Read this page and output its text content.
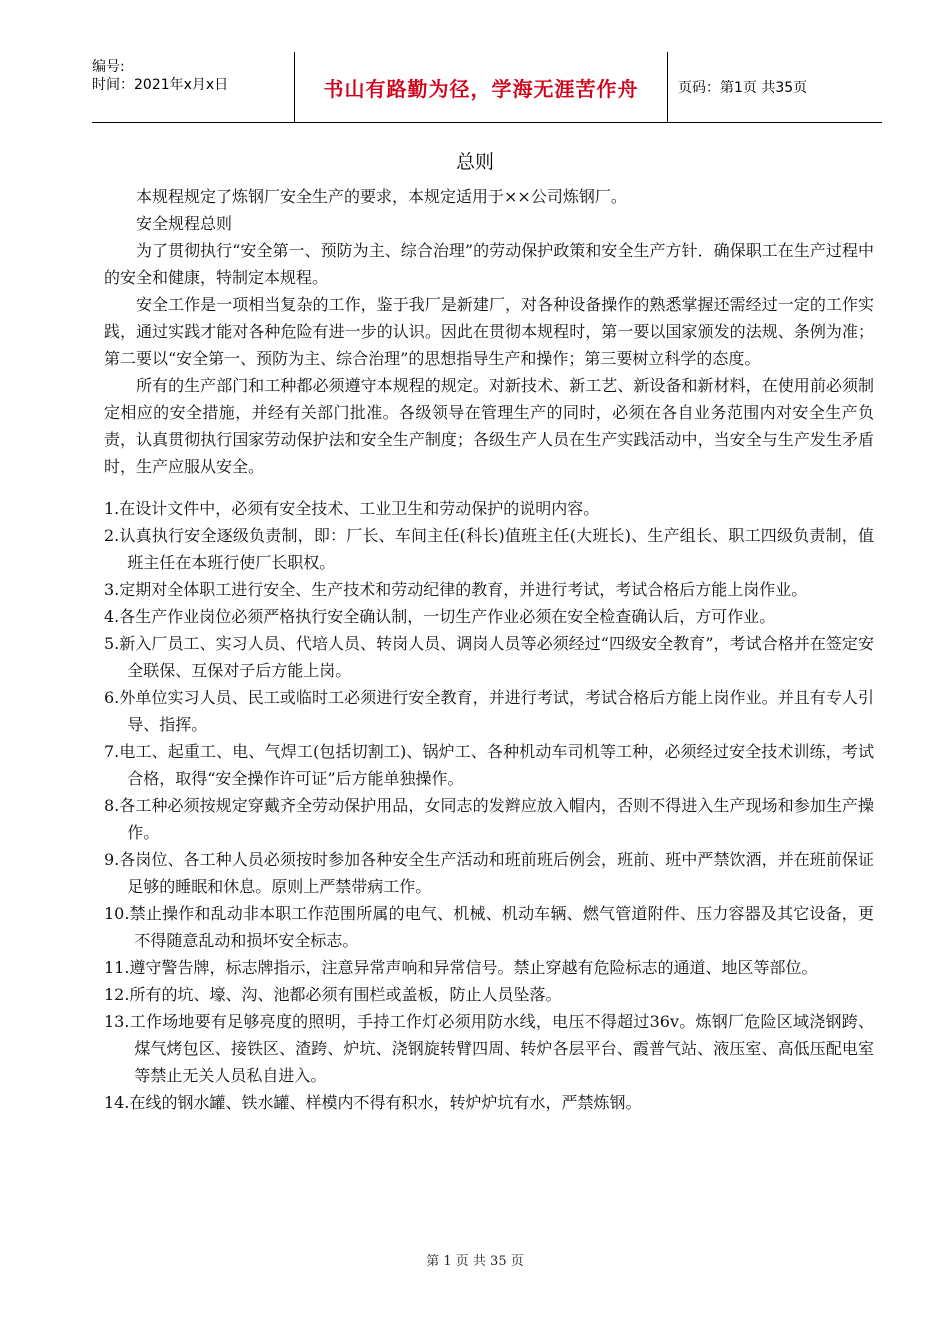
编号:
时间：2021年x月x日	书山有路勤为径，学海无涯苦作舟	页码：第1页 共35页
总则

本规程规定了炼钢厂安全生产的要求，本规定适用于××公司炼钢厂。

安全规程总则

为了贯彻执行“安全第一、预防为主、综合治理”的劳动保护政策和安全生产方针．确保职工在生产过程中的安全和健康，特制定本规程。

安全工作是一项相当复杂的工作，鉴于我厂是新建厂，对各种设备操作的熟悉掌握还需经过一定的工作实践，通过实践才能对各种危险有进一步的认识。因此在贯彻本规程时，第一要以国家颁发的法规、条例为准；第二要以“安全第一、预防为主、综合治理”的思想指导生产和操作；第三要树立科学的态度。

所有的生产部门和工种都必须遵守本规程的规定。对新技术、新工艺、新设备和新材料，在使用前必须制定相应的安全措施，并经有关部门批准。各级领导在管理生产的同时，必须在各自业务范围内对安全生产负责，认真贯彻执行国家劳动保护法和安全生产制度；各级生产人员在生产实践活动中，当安全与生产发生矛盾时，生产应服从安全。

1.在设计文件中，必须有安全技术、工业卫生和劳动保护的说明内容。

2.认真执行安全逐级负责制，即：厂长、车间主任(科长)值班主任(大班长)、生产组长、职工四级负责制，值班主任在本班行使厂长职权。

3.定期对全体职工进行安全、生产技术和劳动纪律的教育，并进行考试，考试合格后方能上岗作业。

4.各生产作业岗位必须严格执行安全确认制，一切生产作业必须在安全检查确认后，方可作业。

5.新入厂员工、实习人员、代培人员、转岗人员、调岗人员等必须经过“四级安全教育”，考试合格并在签定安全联保、互保对子后方能上岗。

6.外单位实习人员、民工或临时工必须进行安全教育，并进行考试，考试合格后方能上岗作业。并且有专人引导、指挥。

7.电工、起重工、电、气焊工(包括切割工)、锅炉工、各种机动车司机等工种，必须经过安全技术训练，考试合格，取得“安全操作许可证”后方能单独操作。

8.各工种必须按规定穿戴齐全劳动保护用品，女同志的发辫应放入帽内，否则不得进入生产现场和参加生产操作。

9.各岗位、各工种人员必须按时参加各种安全生产活动和班前班后例会，班前、班中严禁饮酒，并在班前保证足够的睡眠和休息。原则上严禁带病工作。

10.禁止操作和乱动非本职工作范围所属的电气、机械、机动车辆、燃气管道附件、压力容器及其它设备，更不得随意乱动和损坏安全标志。

11.遵守警告牌，标志牌指示，注意异常声响和异常信号。禁止穿越有危险标志的通道、地区等部位。

12.所有的坑、壕、沟、池都必须有围栏或盖板，防止人员坠落。

13.工作场地要有足够亮度的照明，手持工作灯必须用防水线，电压不得超过36v。炼钢厂危险区域浇钢跨、煤气烤包区、接铁区、渣跨、炉坑、浇钢旋转臂四周、转炉各层平台、霞普气站、液压室、高低压配电室等禁止无关人员私自进入。

14.在线的钢水罐、铁水罐、样模内不得有积水，转炉炉坑有水，严禁炼钢。

第 1 页 共 35 页
